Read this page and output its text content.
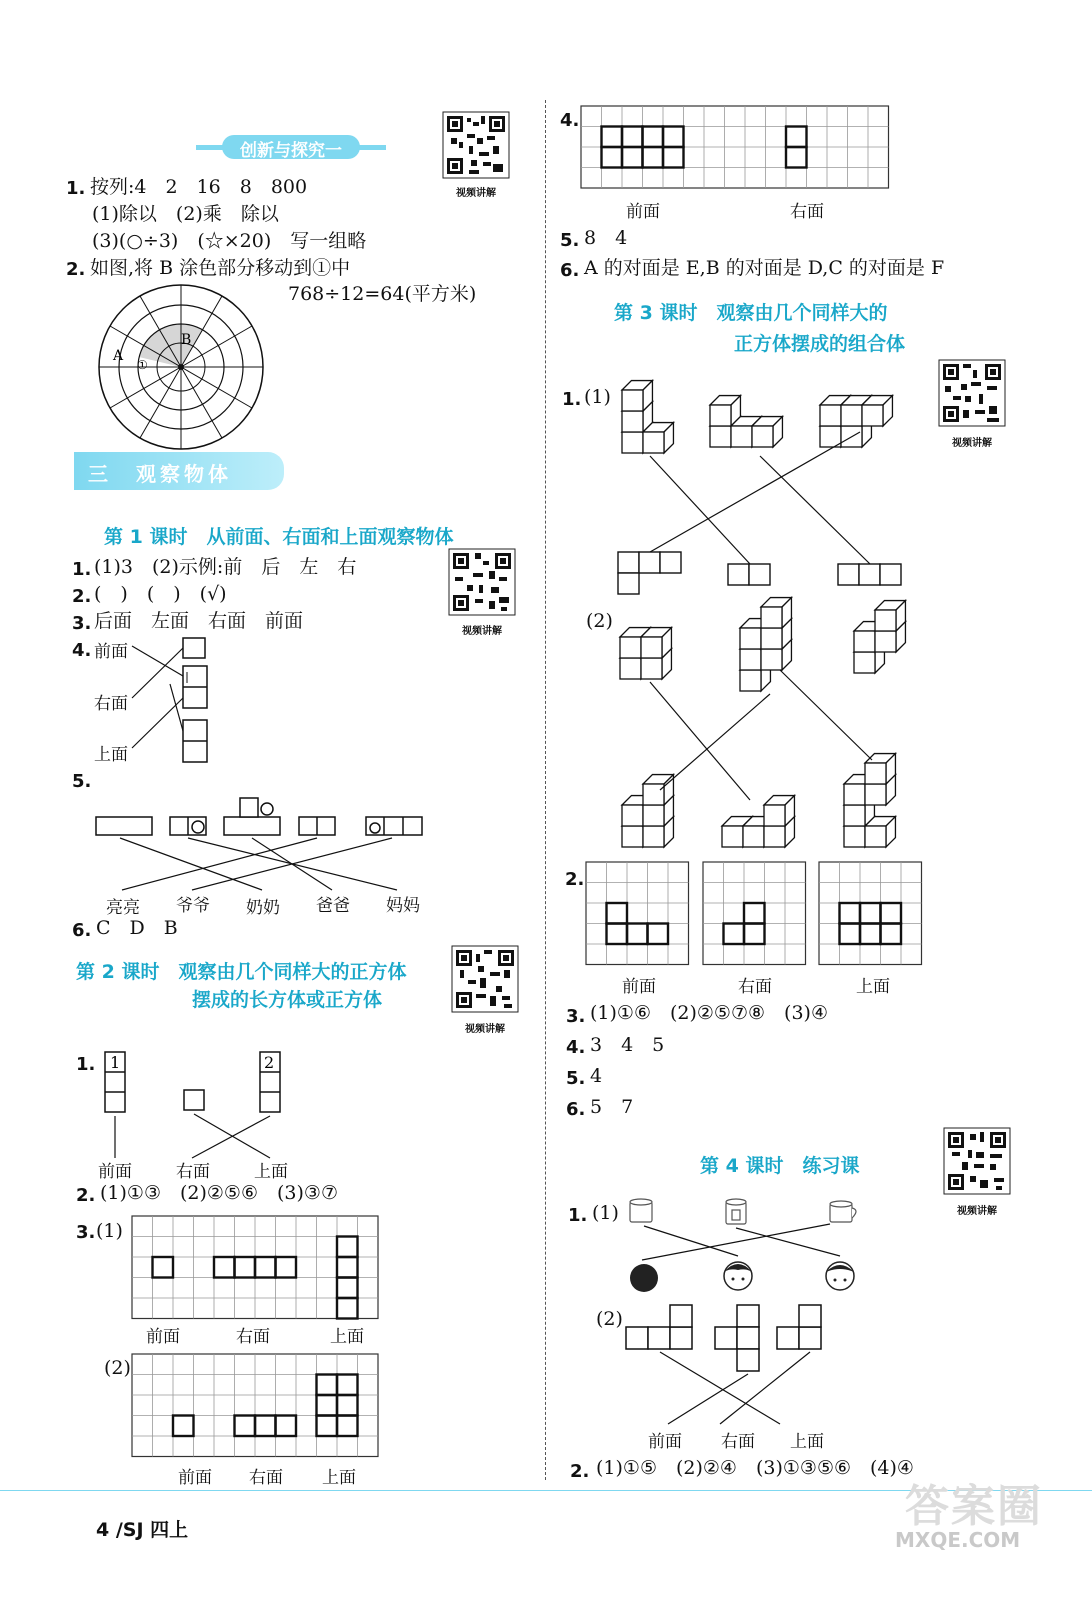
视频讲解
视频讲解
视频讲解
视频讲解
视频讲解
创新与探究一
1. 按列:4　2　16　8　800
(1)除以　(2)乘　除以
(3)(○÷3)　(☆×20)　写一组略
2. 如图,将 B 涂色部分移动到①中
768÷12=64(平方米)
A
①
B
三　观察物体
第 1 课时　从前面、右面和上面观察物体
1. (1)3　(2)示例:前　后　左　右
2. (　)　(　)　(√)
3. 后面　左面　右面　前面
4. 前面
右面
上面
5.
亮亮 爷爷 奶奶 爸爸 妈妈
6. C　D　B
第 2 课时　观察由几个同样大的正方体
摆成的长方体或正方体
1. 1	2
前面	右面	上面
2. (1)①③　(2)②⑤⑥　(3)③⑦
3. (1)
前面	右面	上面
(2)
前面 右面 上面
4.
前面	右面
5. 8　4
6. A 的对面是 E,B 的对面是 D,C 的对面是 F
第 3 课时　观察由几个同样大的
正方体摆成的组合体
1. (1)
(2)
2.
前面	右面	上面
3. (1)①⑥　(2)②⑤⑦⑧　(3)④
4. 3　4　5
5. 4
6. 5　7
第 4 课时　练习课
1. (1)
(2)
前面 右面 上面
2. (1)①⑤　(2)②④　(3)①③⑤⑥　(4)④
4 /SJ 四上	答案圈
MXQE.COM
